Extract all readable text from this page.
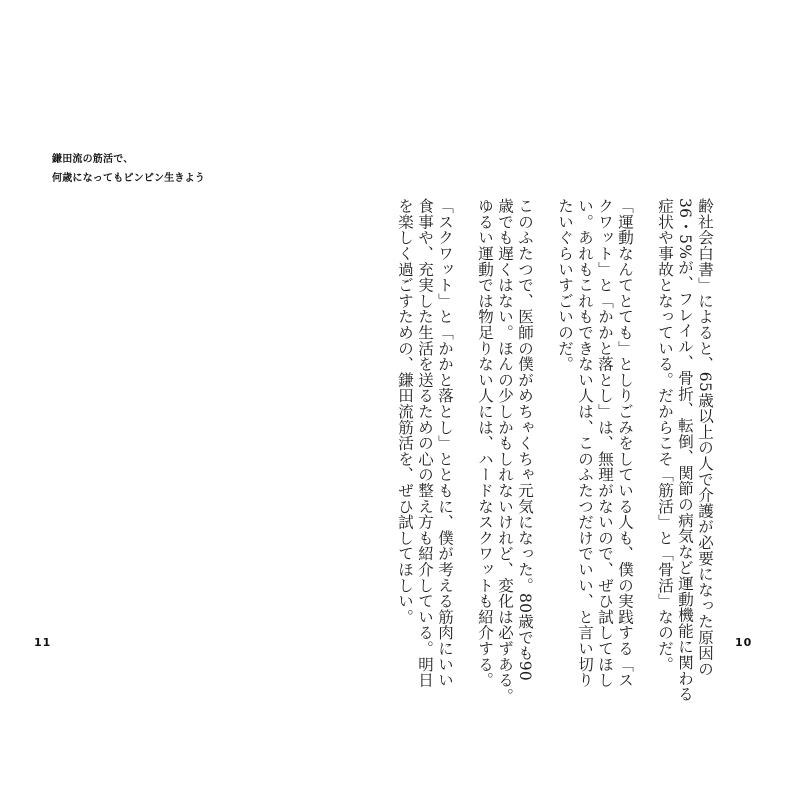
鎌田流の筋活で、
何歳になってもピンピン生きよう
齢社会白書」によると、65歳以上の人で介護が必要になった原因の
36・5%が、フレイル、骨折、転倒、関節の病気など運動機能に関わる
症状や事故となっている。だからこそ「筋活」と「骨活」なのだ。
「運動なんてとても」としりごみをしている人も、僕の実践する「ス
クワット」と「かかと落とし」は、無理がないので、ぜひ試してほし
い。あれもこれもできない人は、このふたつだけでいい、と言い切り
たいぐらいすごいのだ。
このふたつで、医師の僕がめちゃくちゃ元気になった。80歳でも90
歳でも遅くはない。ほんの少しかもしれないけれど、変化は必ずある。
ゆるい運動では物足りない人には、ハードなスクワットも紹介する。
「スクワット」と「かかと落とし」とともに、僕が考える筋肉にいい
食事や、充実した生活を送るための心の整え方も紹介している。明日
を楽しく過ごすための、鎌田流筋活を、ぜひ試してほしい。
11	10
